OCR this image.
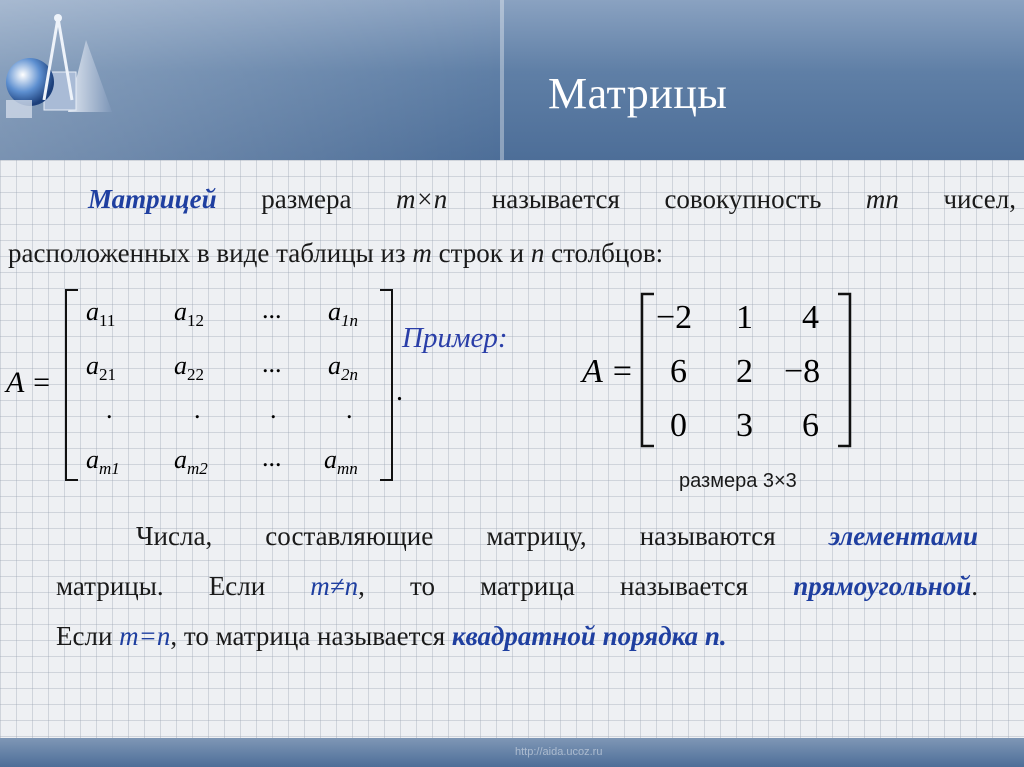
Матрицы
Матрицей размера m×n называется совокупность mn чисел,
расположенных в виде таблицы из m строк и n столбцов:
A =	.
$a_{11}$ $a_{12}$ ... $a_{1n}$
$a_{21}$ $a_{22}$ ... $a_{2n}$
.	.	.	.
$a_{m1}$ $a_{m2}$ ... $a_{mn}$
Пример:
A =
−2 1 4
6 2 −8
0 3 6
размера 3×3
Числа, составляющие матрицу, называются элементами
матрицы. Если m≠n, то матрица называется прямоугольной.
Если m=n, то матрица называется квадратной порядка n.
http://aida.ucoz.ru
